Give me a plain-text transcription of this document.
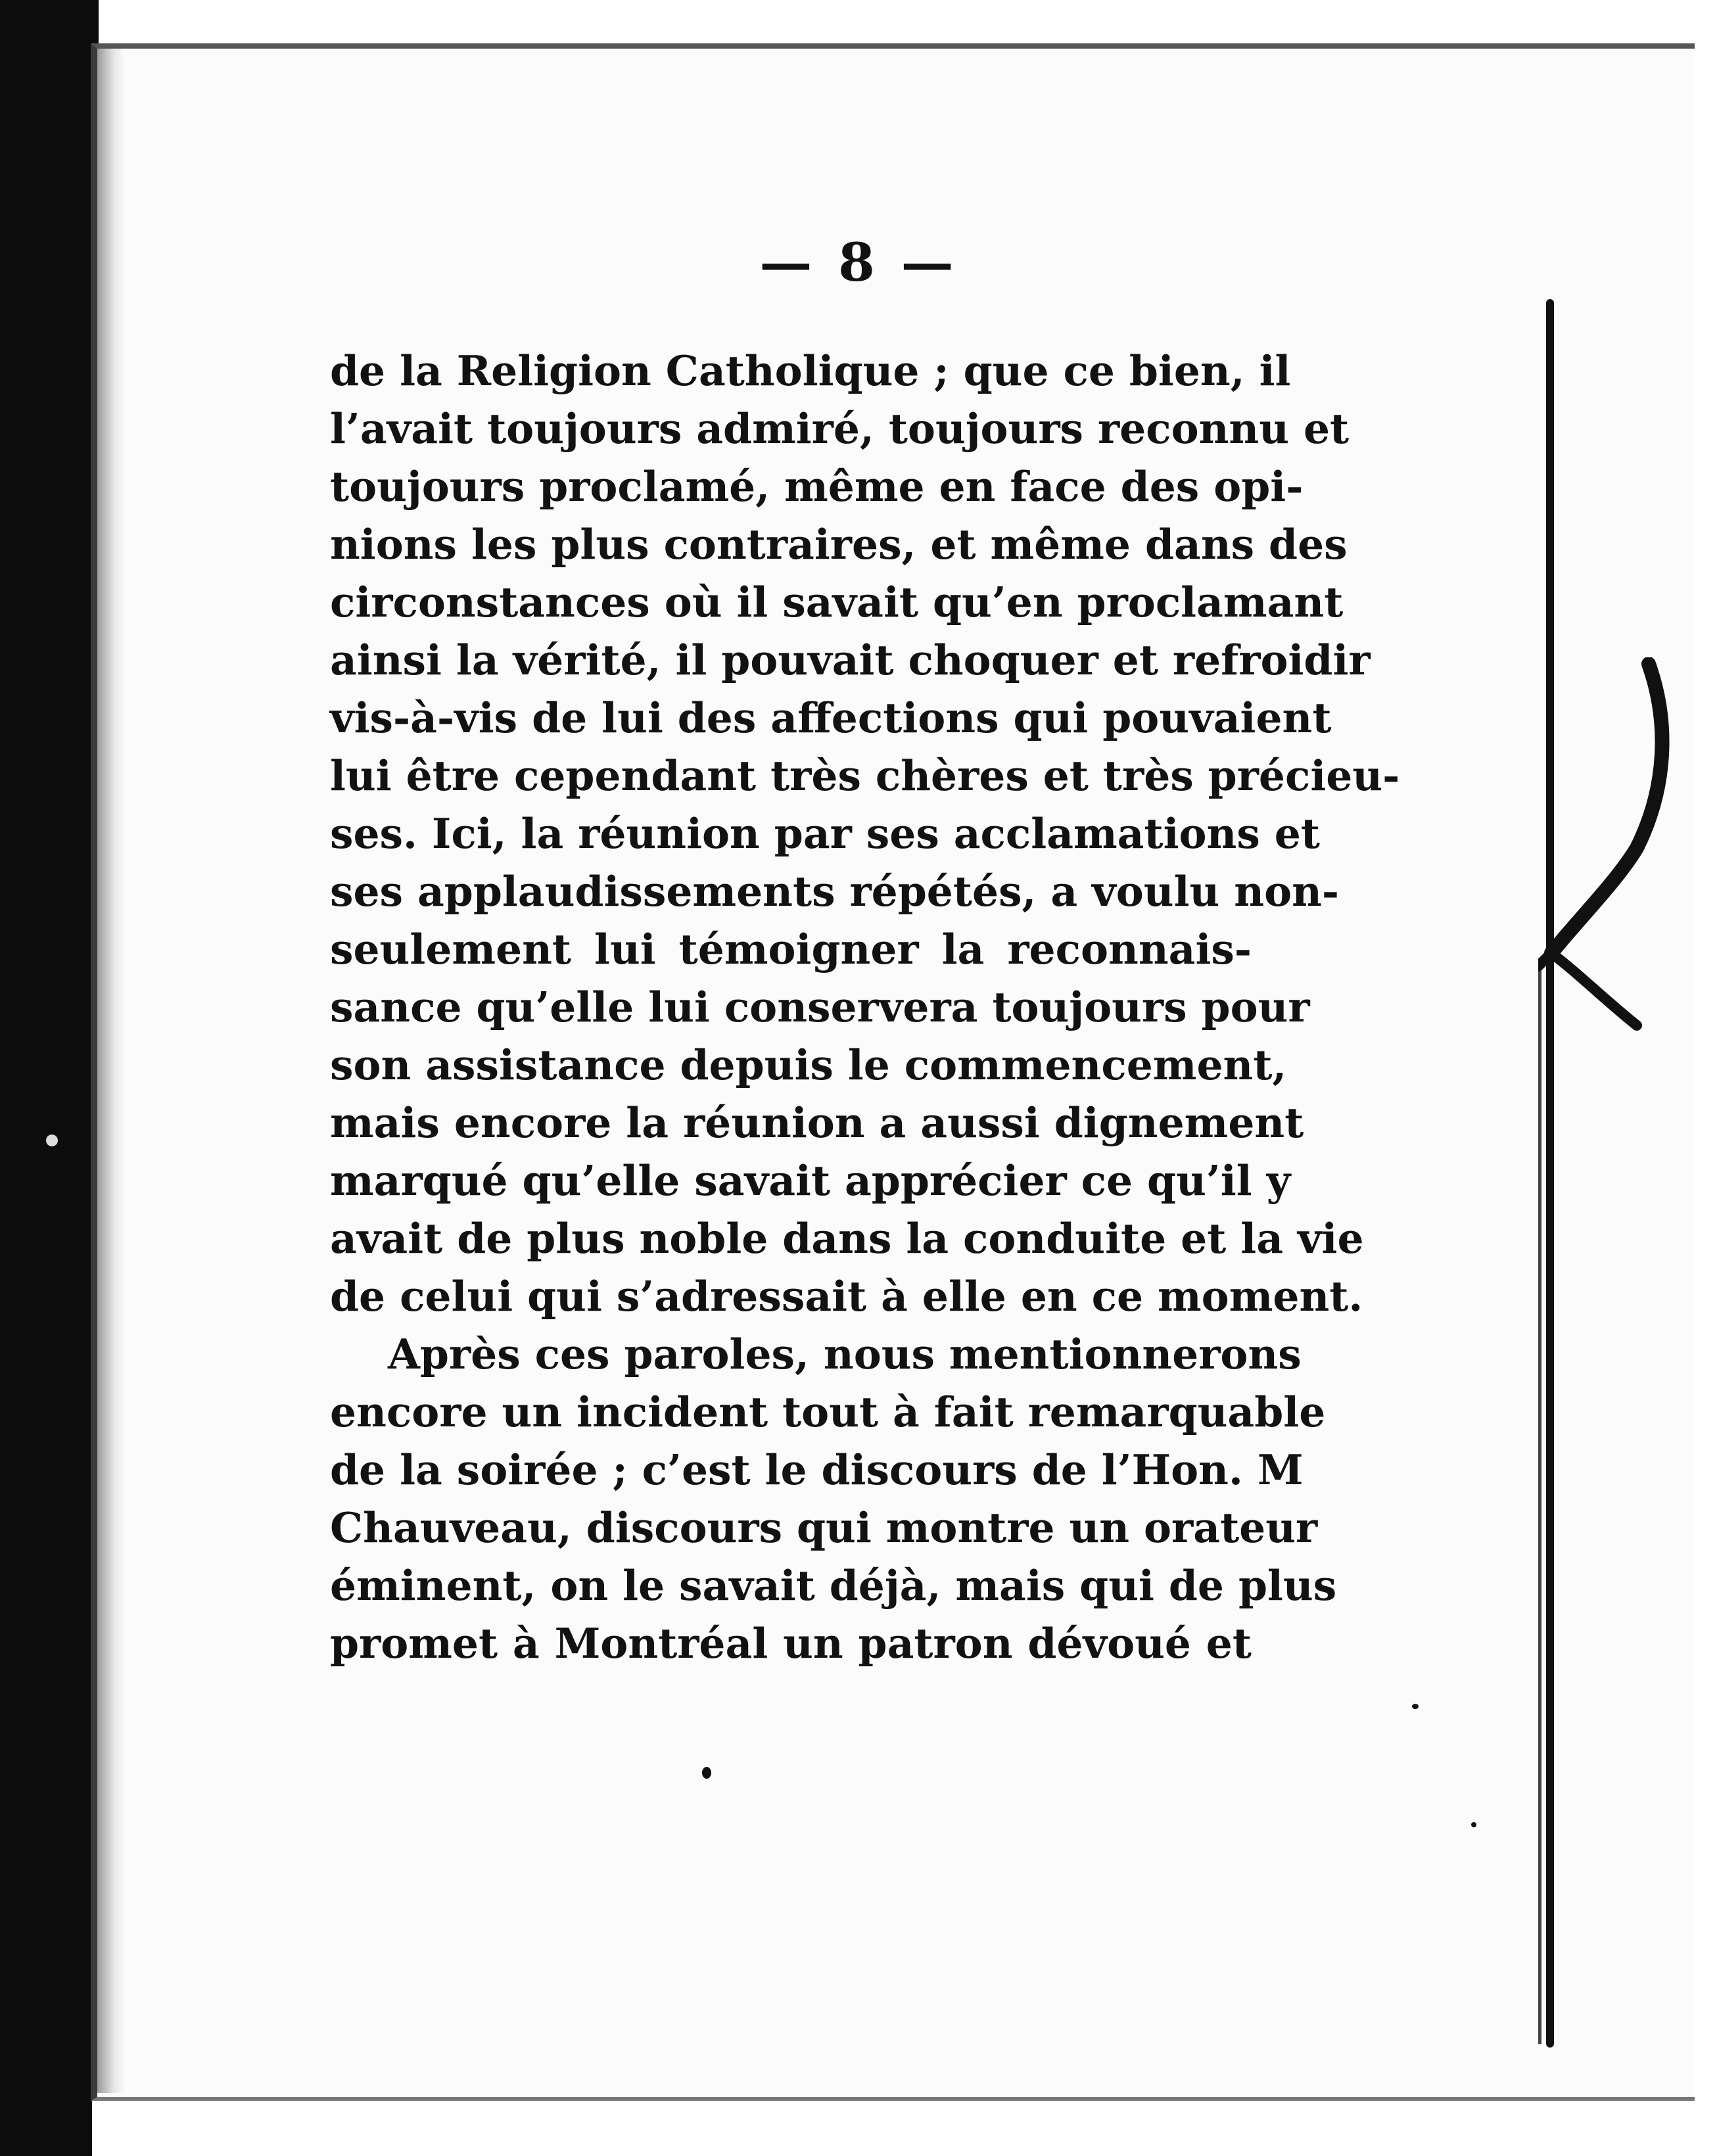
— 8 —
de la Religion Catholique ; que ce bien, il
l’avait toujours admiré, toujours reconnu et
toujours proclamé, même en face des opi-
nions les plus contraires, et même dans des
circonstances où il savait qu’en proclamant
ainsi la vérité, il pouvait choquer et refroidir
vis-à-vis de lui des affections qui pouvaient
lui être cependant très chères et très précieu-
ses. Ici, la réunion par ses acclamations et
ses applaudissements répétés, a voulu non-
seulement lui témoigner la reconnais-
sance qu’elle lui conservera toujours pour
son assistance depuis le commencement,
mais encore la réunion a aussi dignement
marqué qu’elle savait apprécier ce qu’il y
avait de plus noble dans la conduite et la vie
de celui qui s’adressait à elle en ce moment.
Après ces paroles, nous mentionnerons
encore un incident tout à fait remarquable
de la soirée ; c’est le discours de l’Hon. M
Chauveau, discours qui montre un orateur
éminent, on le savait déjà, mais qui de plus
promet à Montréal un patron dévoué et
